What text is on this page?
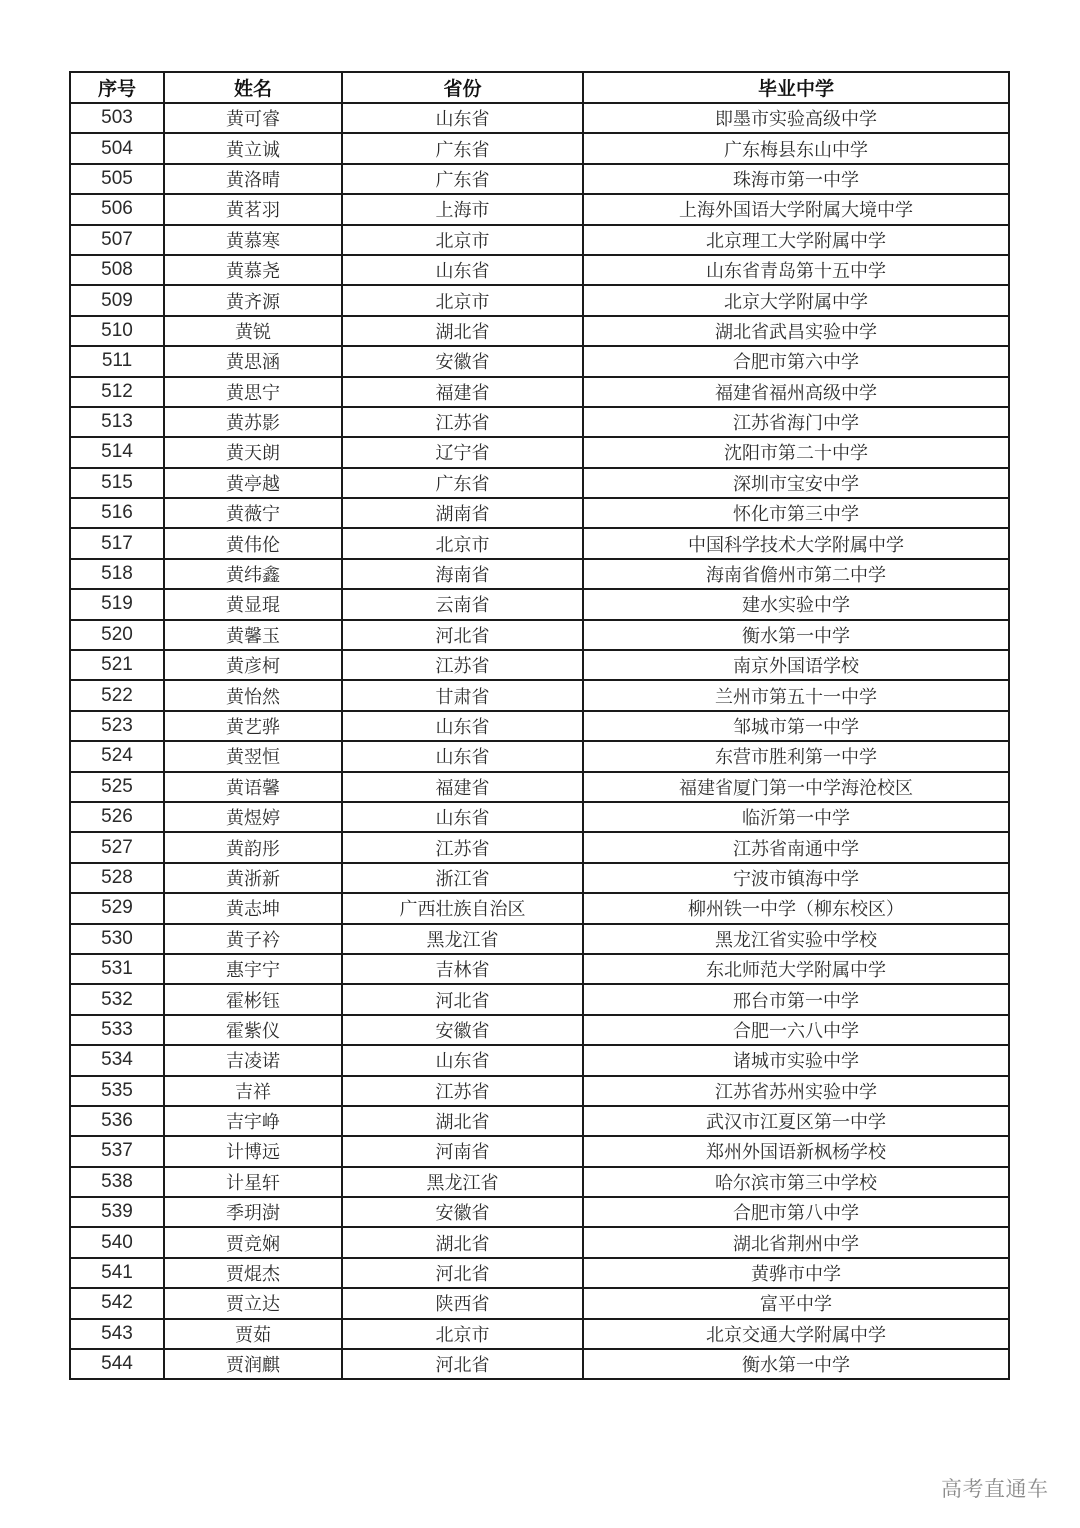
序号	姓名	省份	毕业中学
503	黄可睿	山东省	即墨市实验高级中学
504	黄立诚	广东省	广东梅县东山中学
505	黄洛晴	广东省	珠海市第一中学
506	黄茗羽	上海市	上海外国语大学附属大境中学
507	黄慕寒	北京市	北京理工大学附属中学
508	黄慕尧	山东省	山东省青岛第十五中学
509	黄齐源	北京市	北京大学附属中学
510	黄锐	湖北省	湖北省武昌实验中学
511	黄思涵	安徽省	合肥市第六中学
512	黄思宁	福建省	福建省福州高级中学
513	黄苏影	江苏省	江苏省海门中学
514	黄天朗	辽宁省	沈阳市第二十中学
515	黄亭越	广东省	深圳市宝安中学
516	黄薇宁	湖南省	怀化市第三中学
517	黄伟伦	北京市	中国科学技术大学附属中学
518	黄纬鑫	海南省	海南省儋州市第二中学
519	黄显琨	云南省	建水实验中学
520	黄馨玉	河北省	衡水第一中学
521	黄彦柯	江苏省	南京外国语学校
522	黄怡然	甘肃省	兰州市第五十一中学
523	黄艺骅	山东省	邹城市第一中学
524	黄翌恒	山东省	东营市胜利第一中学
525	黄语馨	福建省	福建省厦门第一中学海沧校区
526	黄煜婷	山东省	临沂第一中学
527	黄韵彤	江苏省	江苏省南通中学
528	黄浙新	浙江省	宁波市镇海中学
529	黄志坤	广西壮族自治区	柳州铁一中学（柳东校区）
530	黄子衿	黑龙江省	黑龙江省实验中学校
531	惠宇宁	吉林省	东北师范大学附属中学
532	霍彬钰	河北省	邢台市第一中学
533	霍紫仪	安徽省	合肥一六八中学
534	吉凌诺	山东省	诸城市实验中学
535	吉祥	江苏省	江苏省苏州实验中学
536	吉宇峥	湖北省	武汉市江夏区第一中学
537	计博远	河南省	郑州外国语新枫杨学校
538	计星轩	黑龙江省	哈尔滨市第三中学校
539	季玥澍	安徽省	合肥市第八中学
540	贾竞娴	湖北省	湖北省荆州中学
541	贾焜杰	河北省	黄骅市中学
542	贾立达	陕西省	富平中学
543	贾茹	北京市	北京交通大学附属中学
544	贾润麒	河北省	衡水第一中学
高考直通车
